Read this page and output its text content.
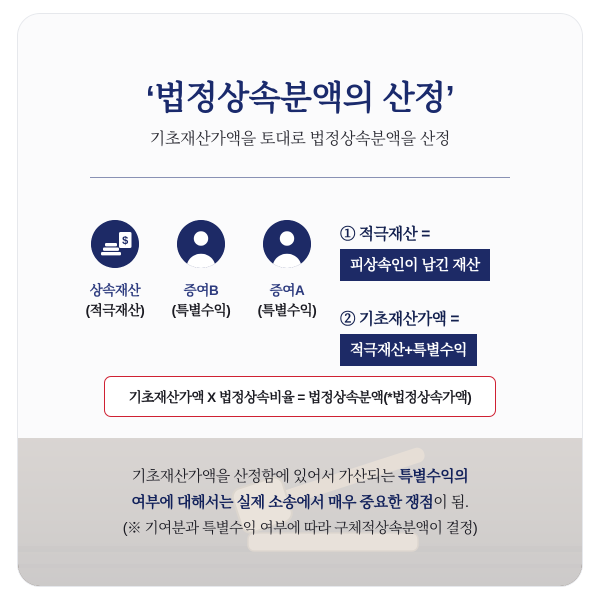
‘법정상속분액의 산정’
기초재산가액을 토대로 법정상속분액을 산정
$
상속재산
(적극재산)
증여B
(특별수익)
증여A
(특별수익)
① 적극재산 =
피상속인이 남긴 재산
② 기초재산가액 =
적극재산+특별수익
기초재산가액 X 법정상속비율 = 법정상속분액(*법정상속가액)
기초재산가액을 산정함에 있어서 가산되는 특별수익의
여부에 대해서는 실제 소송에서 매우 중요한 쟁점이 됨.
(※ 기여분과 특별수익 여부에 따라 구체적상속분액이 결정)
